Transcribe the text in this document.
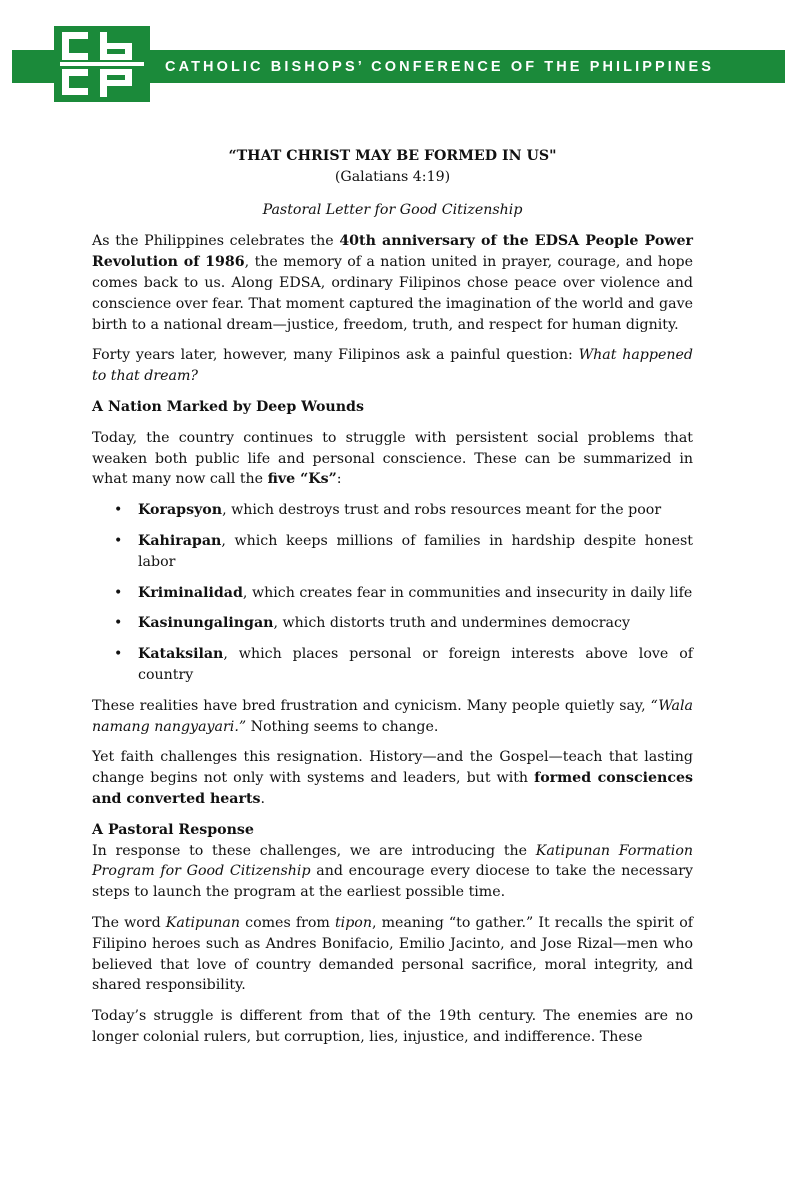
CATHOLIC BISHOPS’ CONFERENCE OF THE PHILIPPINES
“THAT CHRIST MAY BE FORMED IN US"
(Galatians 4:19)
Pastoral Letter for Good Citizenship

As the Philippines celebrates the 40th anniversary of the EDSA People Power Revolution of 1986, the memory of a nation united in prayer, courage, and hope comes back to us. Along EDSA, ordinary Filipinos chose peace over violence and conscience over fear. That moment captured the imagination of the world and gave birth to a national dream—justice, freedom, truth, and respect for human dignity.

Forty years later, however, many Filipinos ask a painful question: What happened to that dream?

A Nation Marked by Deep Wounds

Today, the country continues to struggle with persistent social problems that weaken both public life and personal conscience. These can be summarized in what many now call the five “Ks”:

• Korapsyon, which destroys trust and robs resources meant for the poor
• Kahirapan, which keeps millions of families in hardship despite honest labor
• Kriminalidad, which creates fear in communities and insecurity in daily life
• Kasinungalingan, which distorts truth and undermines democracy
• Kataksilan, which places personal or foreign interests above love of country

These realities have bred frustration and cynicism. Many people quietly say, “Wala namang nangyayari.” Nothing seems to change.

Yet faith challenges this resignation. History—and the Gospel—teach that lasting change begins not only with systems and leaders, but with formed consciences and converted hearts.

A Pastoral Response

In response to these challenges, we are introducing the Katipunan Formation Program for Good Citizenship and encourage every diocese to take the necessary steps to launch the program at the earliest possible time.

The word Katipunan comes from tipon, meaning “to gather.” It recalls the spirit of Filipino heroes such as Andres Bonifacio, Emilio Jacinto, and Jose Rizal—men who believed that love of country demanded personal sacrifice, moral integrity, and shared responsibility.

Today’s struggle is different from that of the 19th century. The enemies are no longer colonial rulers, but corruption, lies, injustice, and indifference. These
